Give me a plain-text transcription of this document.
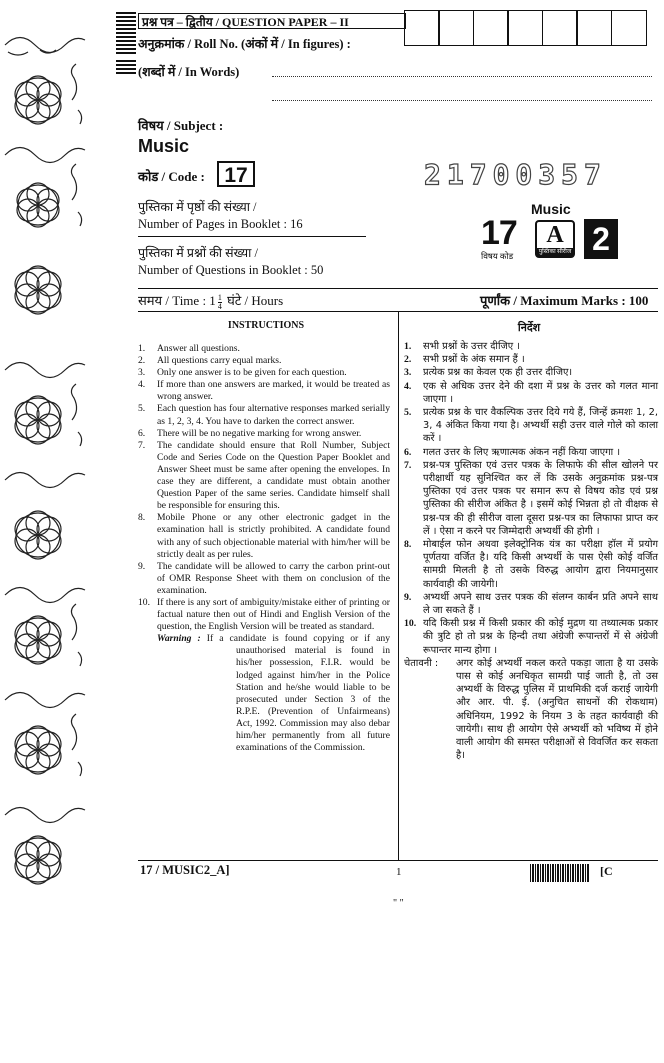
प्रश्न पत्र – द्वितीय / QUESTION PAPER – II
अनुक्रमांक / Roll No. (अंकों में / In figures) :
(शब्दों में / In Words)
विषय / Subject :
Music
कोड / Code : 17	21700357
पुस्तिका में पृष्ठों की संख्या /
Number of Pages in Booklet : 16
पुस्तिका में प्रश्नों की संख्या /
Number of Questions in Booklet : 50
Music
17
विषय कोड
A
पुस्तिका सीरीज 2
समय / Time : $1 \frac{1}{4}$ घंटे / Hours	पूर्णांक / Maximum Marks : 100
INSTRUCTIONS
1. Answer all questions.
2. All questions carry equal marks.
3. Only one answer is to be given for each question.
4. If more than one answers are marked, it would be treated as wrong answer.
5. Each question has four alternative responses marked serially as 1, 2, 3, 4. You have to darken the correct answer.
6. There will be no negative marking for wrong answer.
7. The candidate should ensure that Roll Number, Subject Code and Series Code on the Question Paper Booklet and Answer Sheet must be same after opening the envelopes. In case they are different, a candidate must obtain another Question Paper of the same series. Candidate himself shall be responsible for ensuring this.
8. Mobile Phone or any other electronic gadget in the examination hall is strictly prohibited. A candidate found with any of such objectionable material with him/her will be strictly dealt as per rules.
9. The candidate will be allowed to carry the carbon print-out of OMR Response Sheet with them on conclusion of the examination.
10. If there is any sort of ambiguity/mistake either of printing or factual nature then out of Hindi and English Version of the question, the English Version will be treated as standard.
Warning : If a candidate is found copying or if any unauthorised material is found in his/her possession, F.I.R. would be lodged against him/her in the Police Station and he/she would liable to be prosecuted under Section 3 of the R.P.E. (Prevention of Unfairmeans) Act, 1992. Commission may also debar him/her permanently from all future examinations of the Commission.
निर्देश
1. सभी प्रश्नों के उत्तर दीजिए ।
2. सभी प्रश्नों के अंक समान हैं ।
3. प्रत्येक प्रश्न का केवल एक ही उत्तर दीजिए।
4. एक से अधिक उत्तर देने की दशा में प्रश्न के उत्तर को गलत माना जाएगा ।
5. प्रत्येक प्रश्न के चार वैकल्पिक उत्तर दिये गये हैं, जिन्हें क्रमशः 1, 2, 3, 4 अंकित किया गया है। अभ्यर्थी सही उत्तर वाले गोले को काला करें ।
6. गलत उत्तर के लिए ऋणात्मक अंकन नहीं किया जाएगा ।
7. प्रश्न-पत्र पुस्तिका एवं उत्तर पत्रक के लिफाफे की सील खोलने पर परीक्षार्थी यह सुनिश्चित कर लें कि उसके अनुक्रमांक प्रश्न-पत्र पुस्तिका एवं उत्तर पत्रक पर समान रूप से विषय कोड एवं प्रश्न पुस्तिका की सीरीज अंकित है । इसमें कोई भिन्नता हो तो वीक्षक से प्रश्न-पत्र की ही सीरीज वाला दूसरा प्रश्न-पत्र का लिफाफा प्राप्त कर लें । ऐसा न करने पर जिम्मेदारी अभ्यर्थी की होगी ।
8. मोबाईल फोन अथवा इलेक्ट्रोनिक यंत्र का परीक्षा हॉल में प्रयोग पूर्णतया वर्जित है। यदि किसी अभ्यर्थी के पास ऐसी कोई वर्जित सामग्री मिलती है तो उसके विरुद्ध आयोग द्वारा नियमानुसार कार्यवाही की जायेगी।
9. अभ्यर्थी अपने साथ उत्तर पत्रक की संलग्न कार्बन प्रति अपने साथ ले जा सकते हैं ।
10. यदि किसी प्रश्न में किसी प्रकार की कोई मुद्रण या तथ्यात्मक प्रकार की त्रुटि हो तो प्रश्न के हिन्दी तथा अंग्रेजी रूपान्तरों में से अंग्रेजी रूपान्तर मान्य होगा ।
चेतावनी : अगर कोई अभ्यर्थी नकल करते पकड़ा जाता है या उसके पास से कोई अनधिकृत सामग्री पाई जाती है, तो उस अभ्यर्थी के विरुद्ध पुलिस में प्राथमिकी दर्ज कराई जायेगी और आर. पी. ई. (अनुचित साधनों की रोकथाम) अधिनियम, 1992 के नियम 3 के तहत कार्यवाही की जायेगी। साथ ही आयोग ऐसे अभ्यर्थी को भविष्य में होने वाली आयोग की समस्त परीक्षाओं से विवर्जित कर सकता है।
17 / MUSIC2_A]	1	[C
" "
